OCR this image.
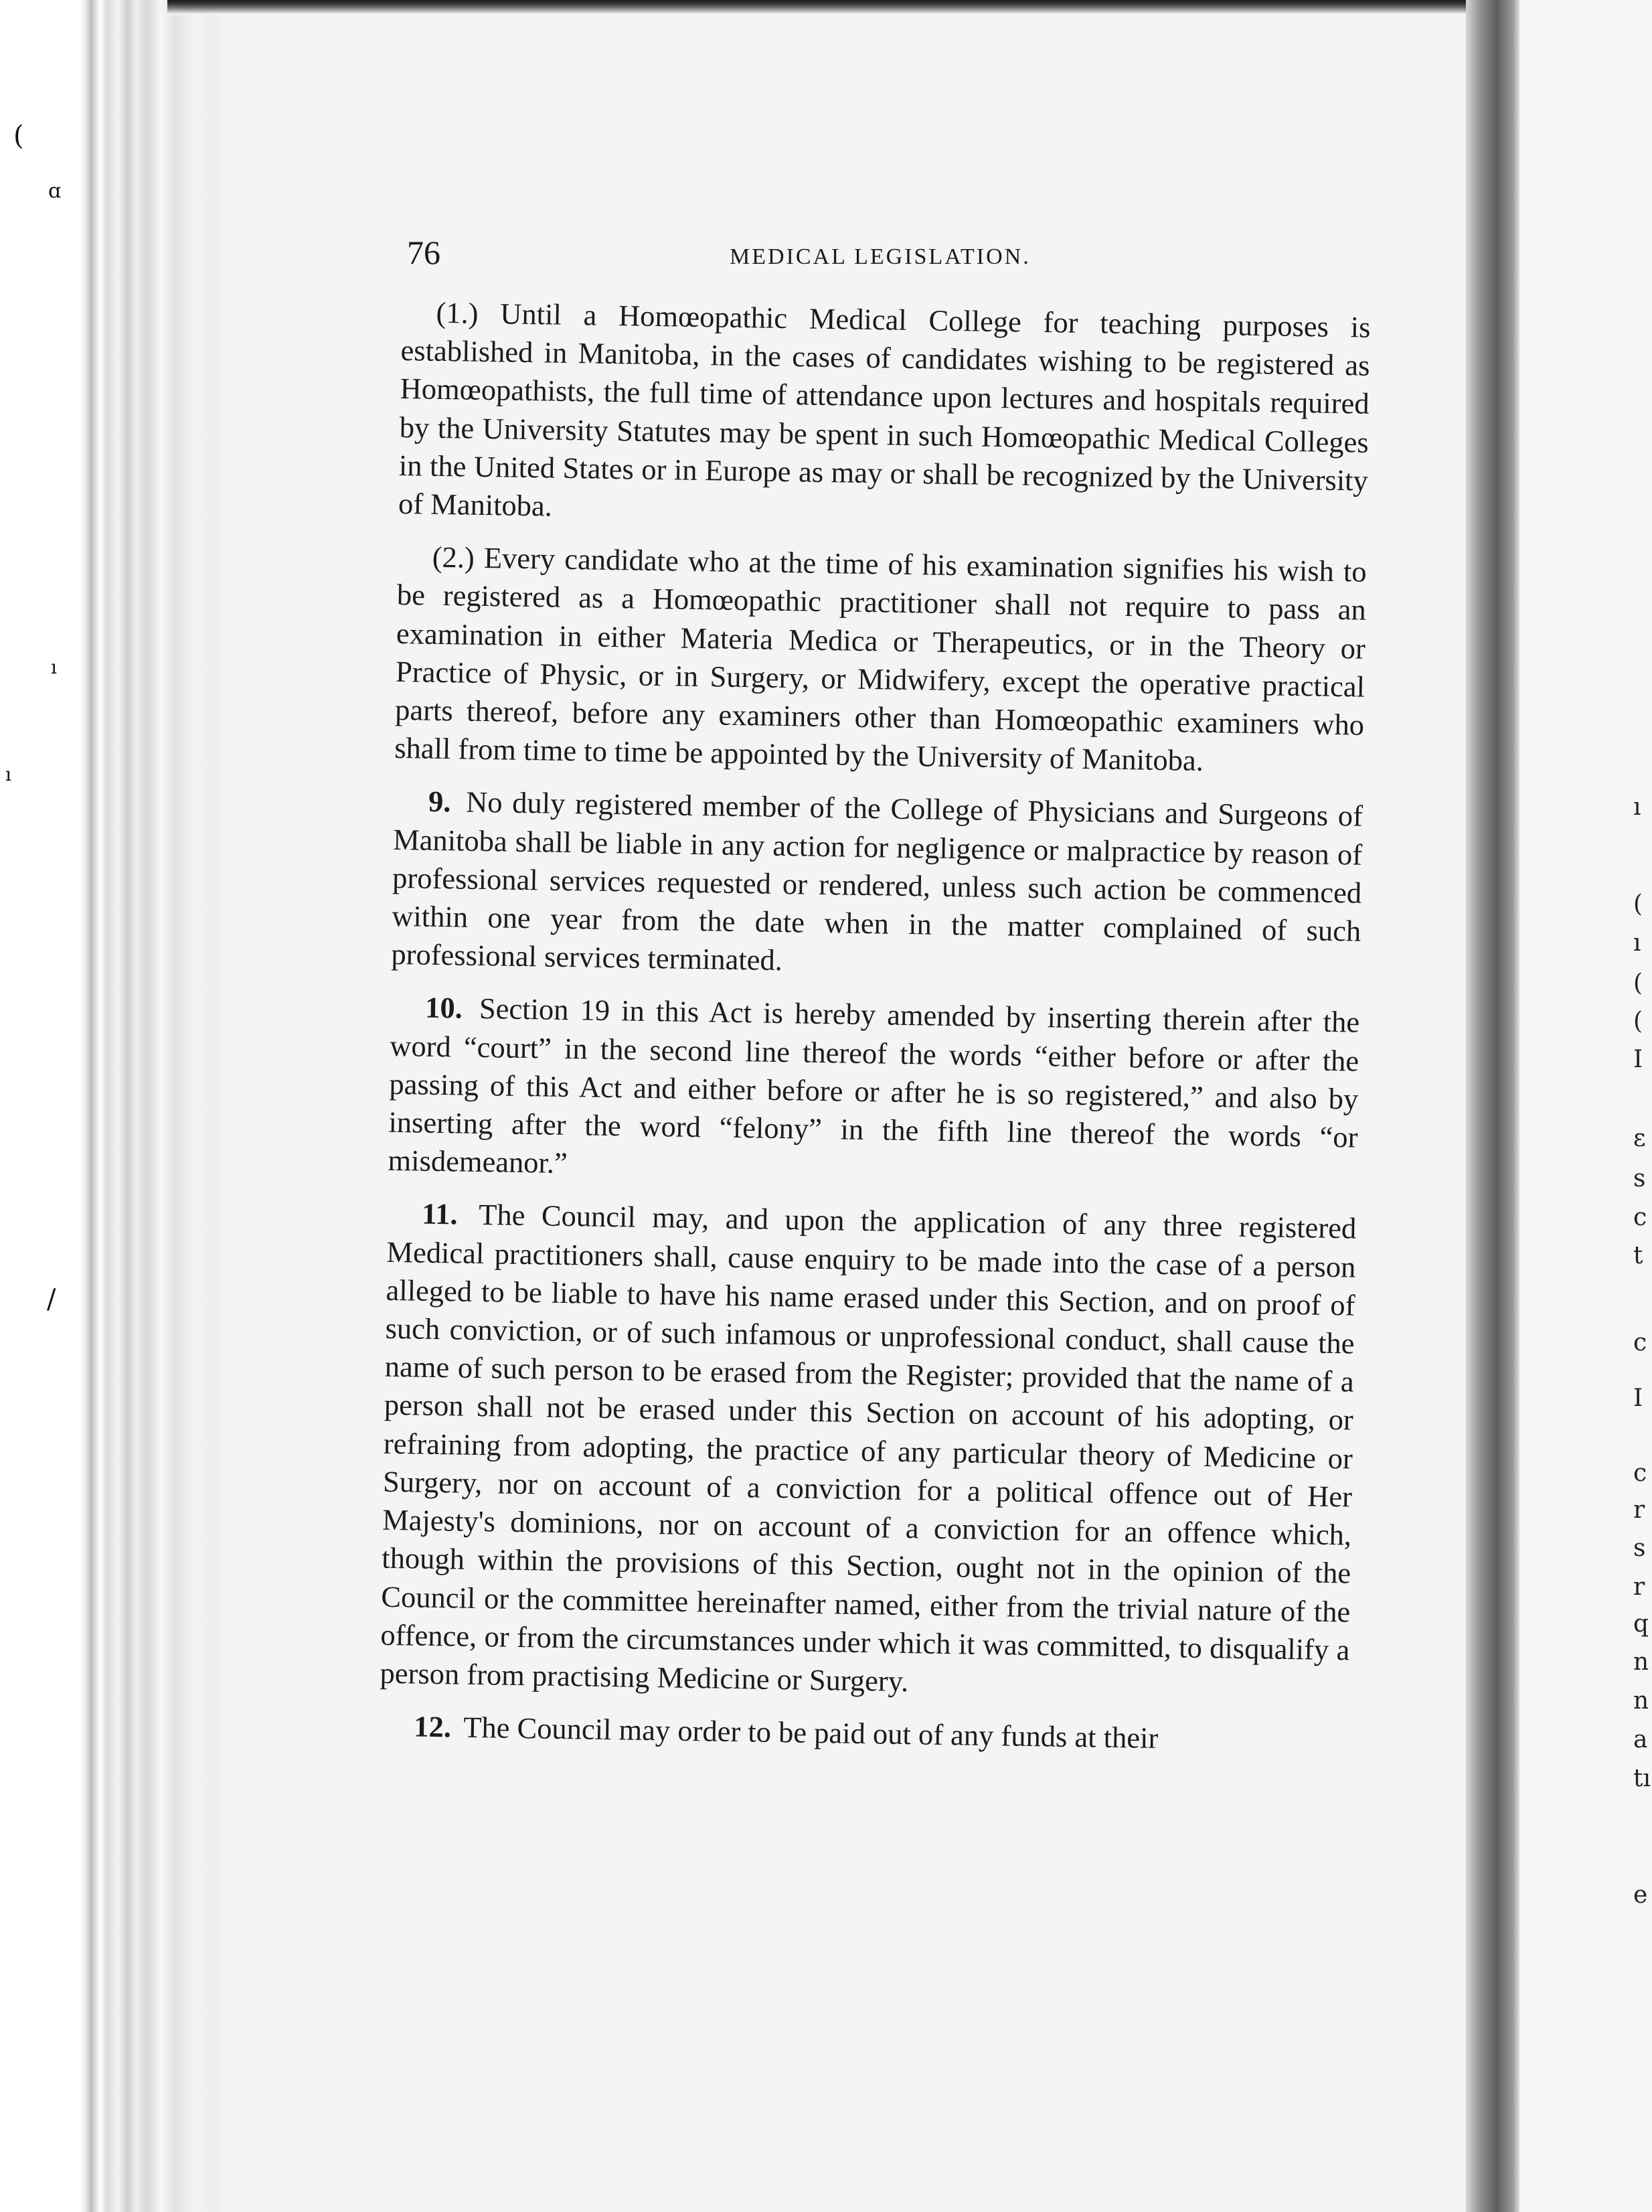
ı
(
ı
(
(
I
ɛ
s
c
t
c
I
c
r
s
r
q
n
n
a
tı
e
(
ɑ
ı
ı
/

76	MEDICAL LEGISLATION.

(1.) Until a Homœopathic Medical College for teaching purposes is established in Manitoba, in the cases of candidates wishing to be registered as Homœopathists, the full time of attendance upon lectures and hospitals required by the University Statutes may be spent in such Homœopathic Medical Colleges in the United States or in Europe as may or shall be recognized by the University of Manitoba.

(2.) Every candidate who at the time of his examination signifies his wish to be registered as a Homœopathic practitioner shall not require to pass an examination in either Materia Medica or Therapeutics, or in the Theory or Practice of Physic, or in Surgery, or Midwifery, except the operative practical parts thereof, before any examiners other than Homœopathic examiners who shall from time to time be appointed by the University of Manitoba.

9. No duly registered member of the College of Physicians and Surgeons of Manitoba shall be liable in any action for negligence or malpractice by reason of professional services requested or rendered, unless such action be commenced within one year from the date when in the matter complained of such professional services terminated.

10. Section 19 in this Act is hereby amended by inserting therein after the word “court” in the second line thereof the words “either before or after the passing of this Act and either before or after he is so registered,” and also by inserting after the word “felony” in the fifth line thereof the words “or misdemeanor.”

11. The Council may, and upon the application of any three registered Medical practitioners shall, cause enquiry to be made into the case of a person alleged to be liable to have his name erased under this Section, and on proof of such conviction, or of such infamous or unprofessional conduct, shall cause the name of such person to be erased from the Register; provided that the name of a person shall not be erased under this Section on account of his adopting, or refraining from adopting, the practice of any particular theory of Medicine or Surgery, nor on account of a conviction for a political offence out of Her Majesty's dominions, nor on account of a conviction for an offence which, though within the provisions of this Section, ought not in the opinion of the Council or the committee hereinafter named, either from the trivial nature of the offence, or from the circumstances under which it was committed, to disqualify a person from practising Medicine or Surgery.

12. The Council may order to be paid out of any funds at their
